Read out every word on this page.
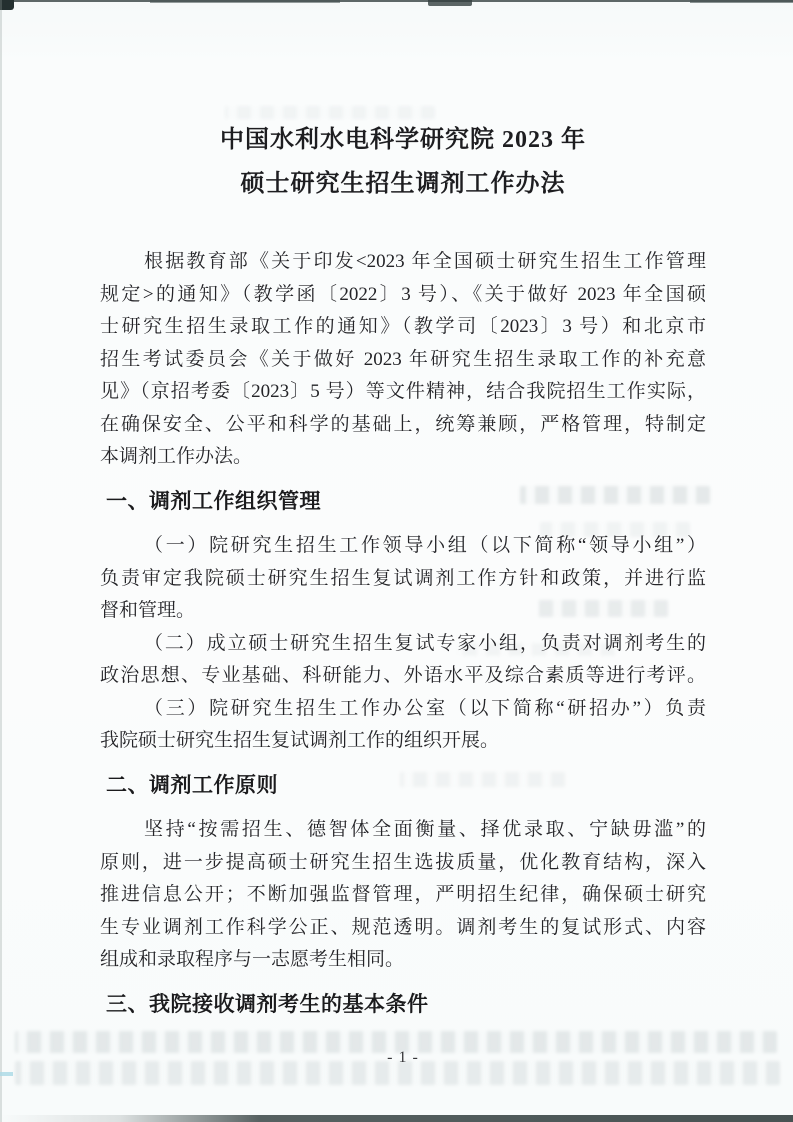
中国水利水电科学研究院 2023 年
硕士研究生招生调剂工作办法
根据教育部《关于印发<2023 年全国硕士研究生招生工作管理
规定>的通知》（教学函〔2022〕3 号）、《关于做好 2023 年全国硕
士研究生招生录取工作的通知》（教学司〔2023〕3 号）和北京市
招生考试委员会《关于做好 2023 年研究生招生录取工作的补充意
见》（京招考委〔2023〕5 号）等文件精神，结合我院招生工作实际，
在确保安全、公平和科学的基础上，统筹兼顾，严格管理，特制定
本调剂工作办法。
一、调剂工作组织管理
（一）院研究生招生工作领导小组（以下简称“领导小组”）
负责审定我院硕士研究生招生复试调剂工作方针和政策，并进行监
督和管理。
（二）成立硕士研究生招生复试专家小组，负责对调剂考生的
政治思想、专业基础、科研能力、外语水平及综合素质等进行考评。
（三）院研究生招生工作办公室（以下简称“研招办”）负责
我院硕士研究生招生复试调剂工作的组织开展。
二、调剂工作原则
坚持“按需招生、德智体全面衡量、择优录取、宁缺毋滥”的
原则，进一步提高硕士研究生招生选拔质量，优化教育结构，深入
推进信息公开；不断加强监督管理，严明招生纪律，确保硕士研究
生专业调剂工作科学公正、规范透明。调剂考生的复试形式、内容
组成和录取程序与一志愿考生相同。
三、我院接收调剂考生的基本条件
- 1 -
